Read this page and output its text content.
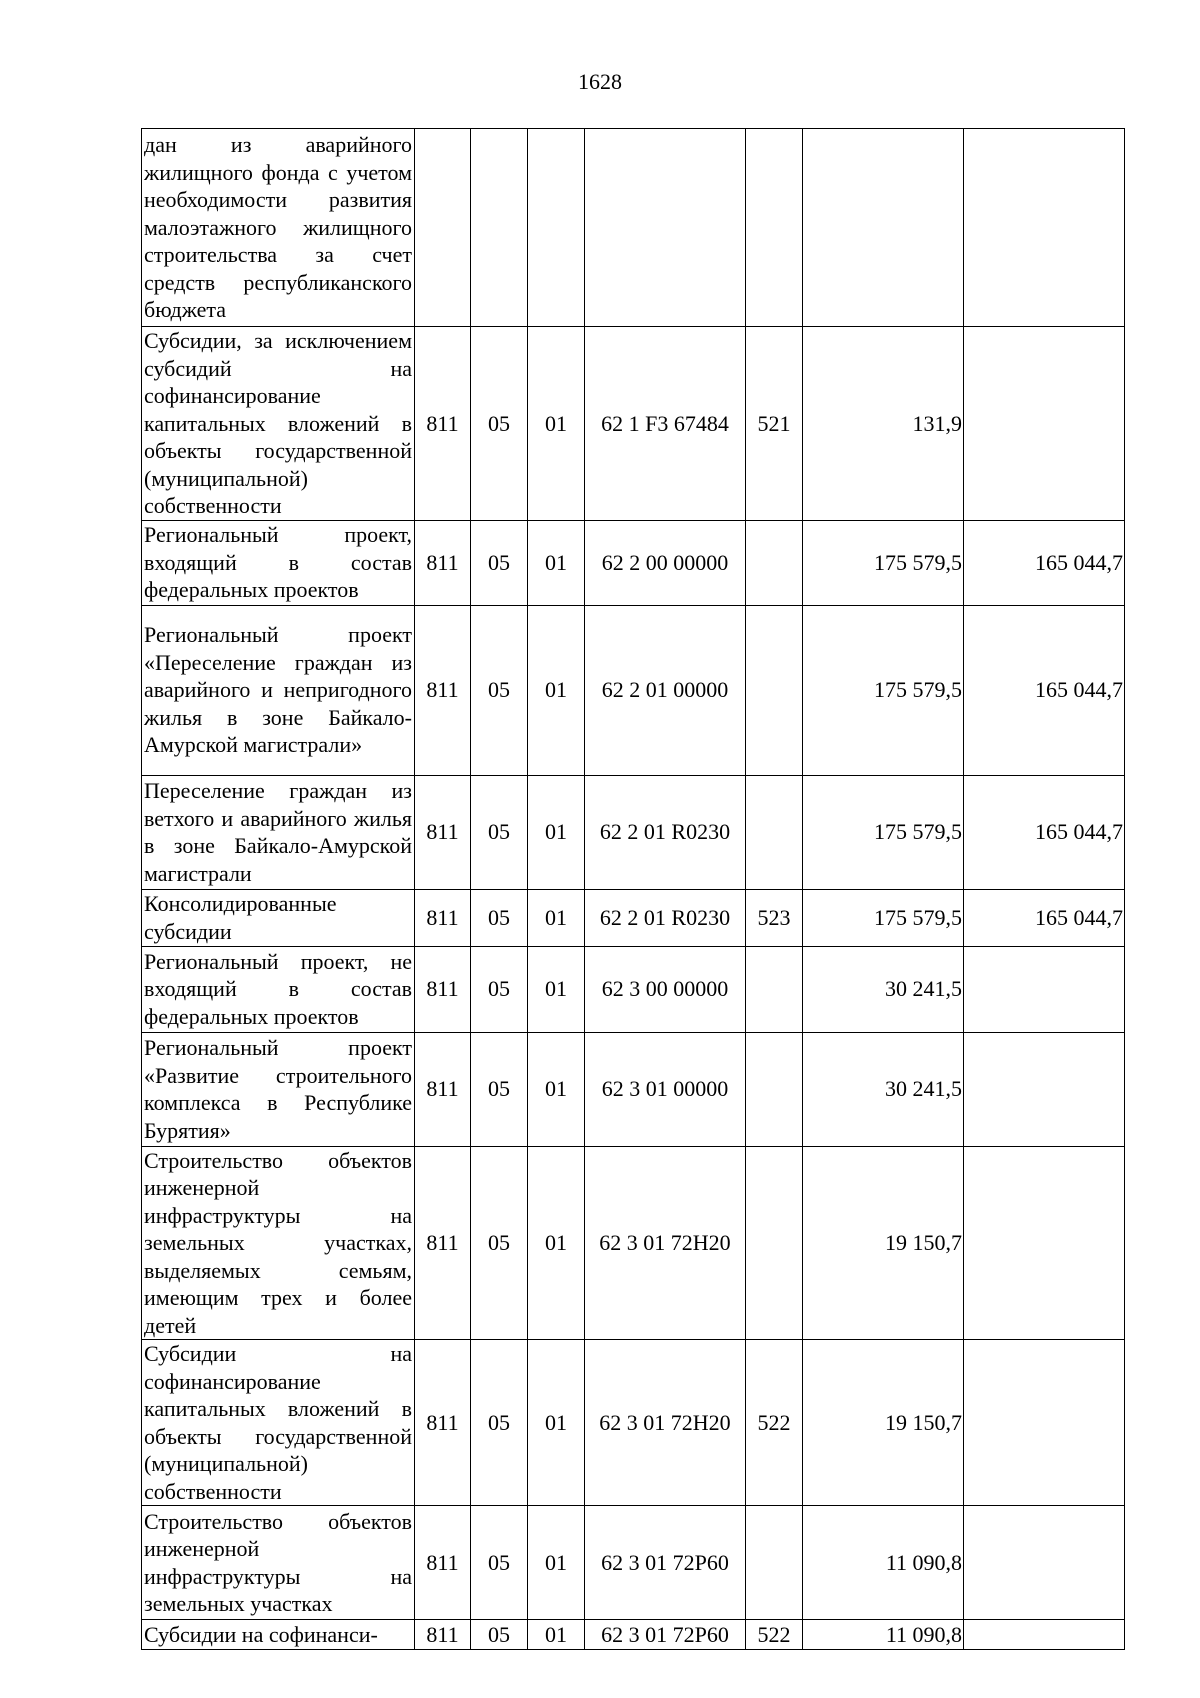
1628
дан из аварийного жилищного фонда с учетом необходимости развития малоэтажного жилищного строительства за счет средств республиканского бюджета							
Субсидии, за исключением субсидий на софинансирование капитальных вложений в объекты государственной (муниципальной) собственности	811	05	01	62 1 F3 67484	521	131,9	
Региональный проект, входящий в состав федеральных проектов	811	05	01	62 2 00 00000		175 579,5	165 044,7
Региональный проект «Переселение граждан из аварийного и непригодного жилья в зоне Байкало-Амурской магистрали»	811	05	01	62 2 01 00000		175 579,5	165 044,7
Переселение граждан из ветхого и аварийного жилья в зоне Байкало-Амурской магистрали	811	05	01	62 2 01 R0230		175 579,5	165 044,7
Консолидированные субсидии	811	05	01	62 2 01 R0230	523	175 579,5	165 044,7
Региональный проект, не входящий в состав федеральных проектов	811	05	01	62 3 00 00000		30 241,5	
Региональный проект «Развитие строительного комплекса в Республике Бурятия»	811	05	01	62 3 01 00000		30 241,5	
Строительство объектов инженерной инфраструктуры на земельных участках, выделяемых семьям, имеющим трех и более детей	811	05	01	62 3 01 72Н20		19 150,7	
Субсидии на софинансирование капитальных вложений в объекты государственной (муниципальной) собственности	811	05	01	62 3 01 72Н20	522	19 150,7	
Строительство объектов инженерной инфраструктуры на земельных участках	811	05	01	62 3 01 72Р60		11 090,8	
Субсидии на софинанси-	811	05	01	62 3 01 72Р60	522	11 090,8	
